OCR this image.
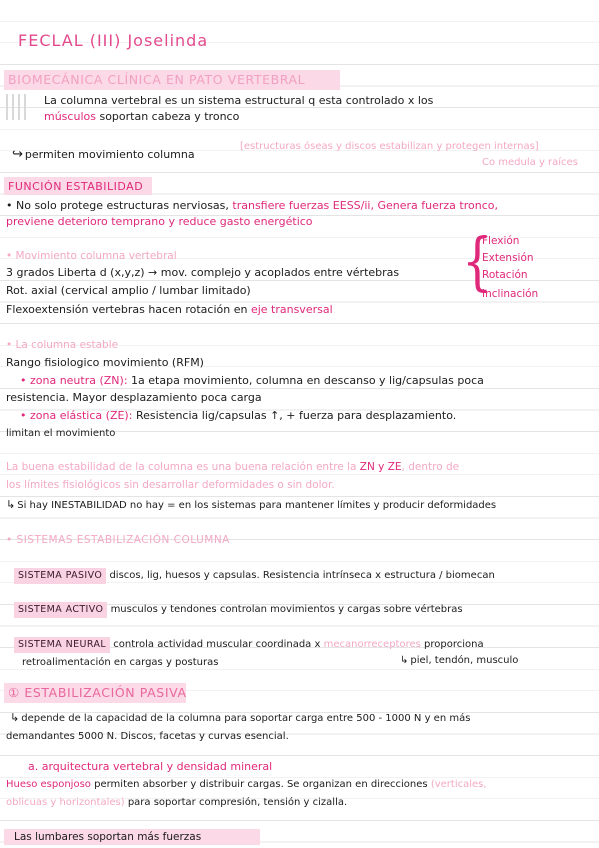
FECLAL (III) Joselinda
BIOMECÁNICA CLÍNICA EN PATO VERTEBRAL
La columna vertebral es un sistema estructural q esta controlado x los
músculos soportan cabeza y tronco
↪ permiten movimiento columna
[estructuras óseas y discos estabilizan y protegen internas]
Co medula y raíces
FUNCIÓN ESTABILIDAD
• No solo protege estructuras nerviosas, transfiere fuerzas EESS/ii, Genera fuerza tronco,
previene deterioro temprano y reduce gasto energético
• Movimiento columna vertebral
3 grados Liberta d (x,y,z) → mov. complejo y acoplados entre vértebras
Rot. axial (cervical amplio / lumbar limitado)
Flexoextensión vertebras hacen rotación en eje transversal
{
Flexión
Extensión
Rotación
Inclinación
• La columna estable
Rango fisiologico movimiento (RFM)
• zona neutra (ZN): 1a etapa movimiento, columna en descanso y lig/capsulas poca
resistencia. Mayor desplazamiento poca carga
• zona elástica (ZE): Resistencia lig/capsulas ↑, + fuerza para desplazamiento.
limitan el movimiento
La buena estabilidad de la columna es una buena relación entre la ZN y ZE, dentro de
los límites fisiológicos sin desarrollar deformidades o sin dolor.
↳ Si hay INESTABILIDAD no hay = en los sistemas para mantener límites y producir deformidades
• SISTEMAS ESTABILIZACIÓN COLUMNA
SISTEMA PASIVO discos, lig, huesos y capsulas. Resistencia intrínseca x estructura / biomecan
SISTEMA ACTIVO musculos y tendones controlan movimientos y cargas sobre vértebras
SISTEMA NEURAL controla actividad muscular coordinada x mecanorreceptores proporciona
retroalimentación en cargas y posturas	↳ piel, tendón, musculo
① ESTABILIZACIÓN PASIVA
↳ depende de la capacidad de la columna para soportar carga entre 500 - 1000 N y en más
demandantes 5000 N. Discos, facetas y curvas esencial.
a. arquitectura vertebral y densidad mineral
Hueso esponjoso permiten absorber y distribuir cargas. Se organizan en direcciones (verticales,
oblicuas y horizontales) para soportar compresión, tensión y cizalla.
Las lumbares soportan más fuerzas
